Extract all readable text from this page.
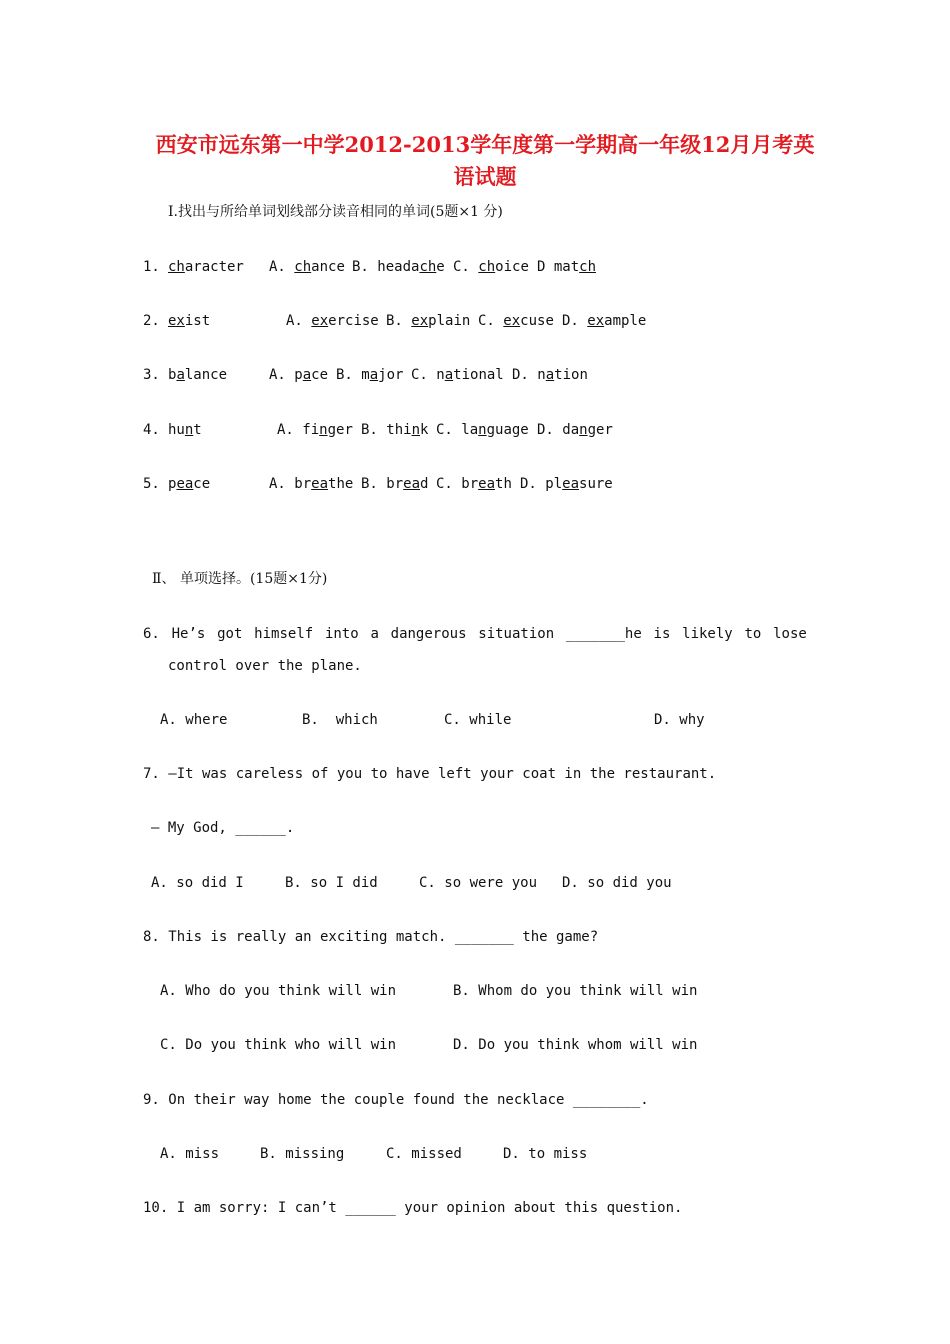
西安市远东第一中学2012-2013学年度第一学期高一年级12月月考英
语试题
Ⅰ.找出与所给单词划线部分读音相同的单词(5题×1 分)
1. character A. chance B. headache C. choice D match
2. exist	A. exercise B. explain C. excuse D. example
3. balance	A. pace B. major C. national D. nation
4. hunt	A. finger B. think C. language D. danger
5. peace	A. breathe B. bread C. breath D. pleasure
Ⅱ、 单项选择。(15题×1分)
6. He’s got himself into a dangerous situation _______he is likely to lose
control over the plane.
A. where	B.  which	C. while	D. why
7. —It was careless of you to have left your coat in the restaurant.
— My God, ______.
A. so did I	B. so I did	C. so were you D. so did you
8. This is really an exciting match. _______ the game?
A. Who do you think will win	B. Whom do you think will win
C. Do you think who will win	D. Do you think whom will win
9. On their way home the couple found the necklace ________.
A. miss	B. missing	C. missed	D. to miss
10. I am sorry: I can’t ______ your opinion about this question.
